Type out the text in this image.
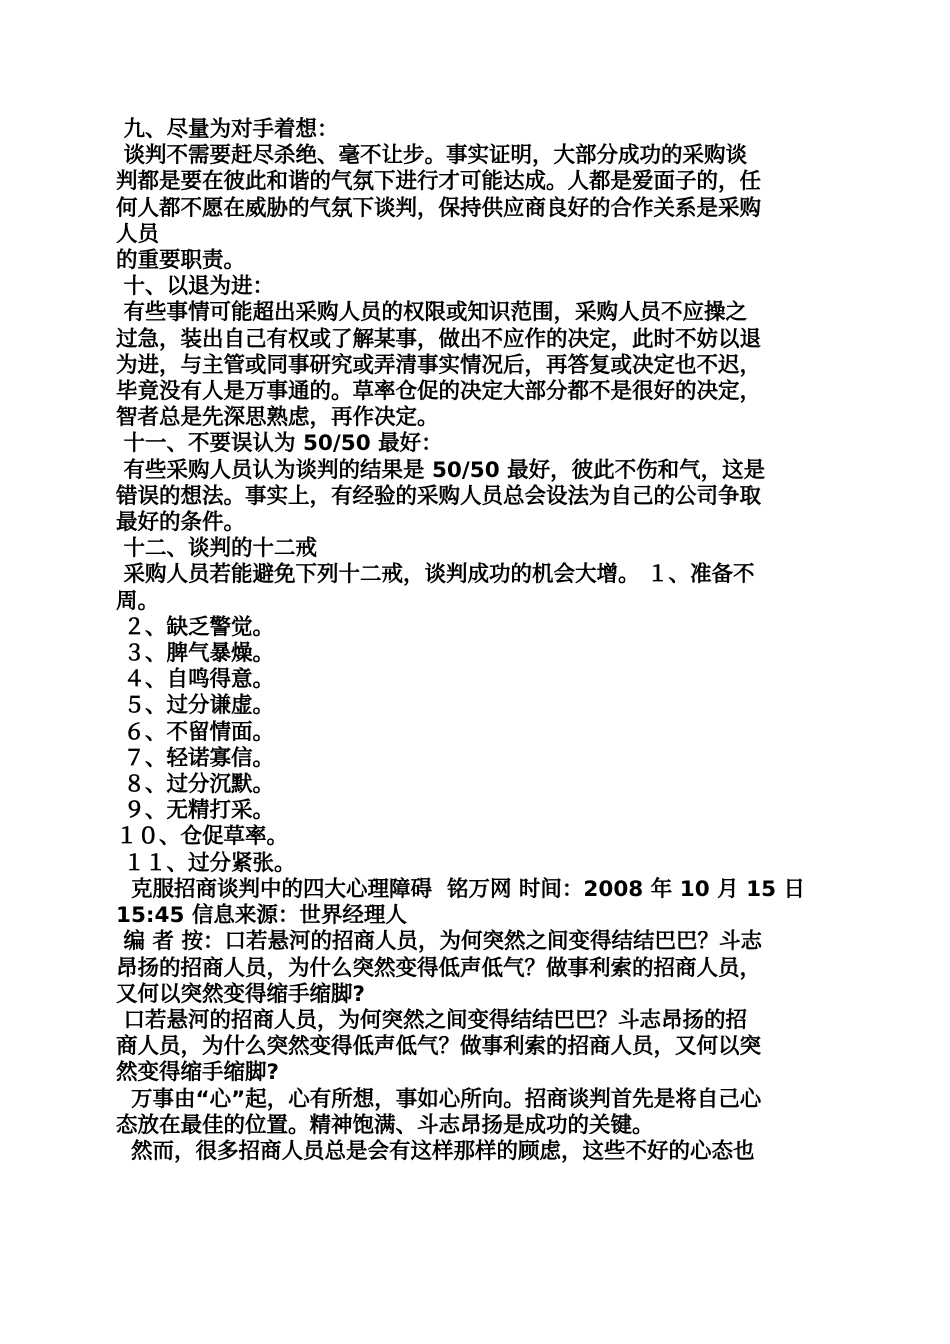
九、尽量为对手着想：

谈判不需要赶尽杀绝、毫不让步。事实证明，大部分成功的采购谈

判都是要在彼此和谐的气氛下进行才可能达成。人都是爱面子的，任

何人都不愿在威胁的气氛下谈判，保持供应商良好的合作关系是采购

人员

的重要职责。

十、以退为进：

有些事情可能超出采购人员的权限或知识范围，采购人员不应操之

过急，装出自己有权或了解某事，做出不应作的决定，此时不妨以退

为进，与主管或同事研究或弄清事实情况后，再答复或决定也不迟，

毕竟没有人是万事通的。草率仓促的决定大部分都不是很好的决定，

智者总是先深思熟虑，再作决定。

十一、不要误认为 50/50 最好：

有些采购人员认为谈判的结果是 50/50 最好，彼此不伤和气，这是

错误的想法。事实上，有经验的采购人员总会设法为自己的公司争取

最好的条件。

十二、谈判的十二戒

采购人员若能避免下列十二戒，谈判成功的机会大增。 １、准备不

周。

２、缺乏警觉。

３、脾气暴燥。

４、自鸣得意。

５、过分谦虚。

６、不留情面。

７、轻诺寡信。

８、过分沉默。

９、无精打采。

１０、仓促草率。

１１、过分紧张。

克服招商谈判中的四大心理障碍  铭万网 时间：2008 年 10 月 15 日

15:45 信息来源：世界经理人

编 者 按：口若悬河的招商人员，为何突然之间变得结结巴巴？斗志

昂扬的招商人员，为什么突然变得低声低气？做事利索的招商人员，

又何以突然变得缩手缩脚?

口若悬河的招商人员，为何突然之间变得结结巴巴？斗志昂扬的招

商人员，为什么突然变得低声低气？做事利索的招商人员，又何以突

然变得缩手缩脚?

万事由“心”起，心有所想，事如心所向。招商谈判首先是将自己心

态放在最佳的位置。精神饱满、斗志昂扬是成功的关键。

然而，很多招商人员总是会有这样那样的顾虑，这些不好的心态也
